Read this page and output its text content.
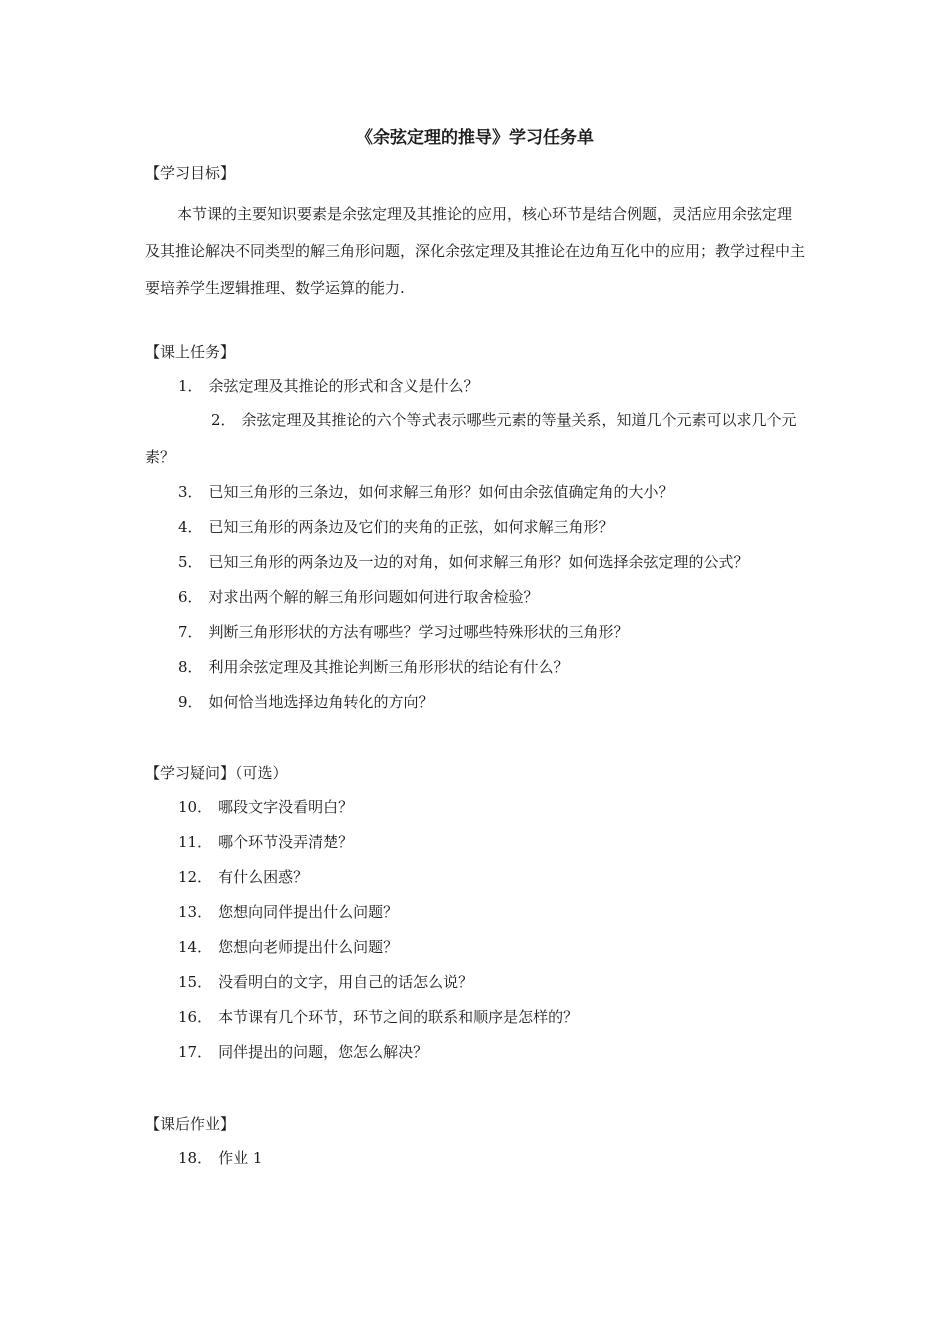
《余弦定理的推导》学习任务单
【学习目标】

本节课的主要知识要素是余弦定理及其推论的应用，核心环节是结合例题，灵活应用余弦定理及其推论解决不同类型的解三角形问题，深化余弦定理及其推论在边角互化中的应用；教学过程中主要培养学生逻辑推理、数学运算的能力.

【课上任务】
1． 余弦定理及其推论的形式和含义是什么？

2． 余弦定理及其推论的六个等式表示哪些元素的等量关系，知道几个元素可以求几个元素？

3． 已知三角形的三条边，如何求解三角形？如何由余弦值确定角的大小？
4． 已知三角形的两条边及它们的夹角的正弦，如何求解三角形？
5． 已知三角形的两条边及一边的对角，如何求解三角形？如何选择余弦定理的公式？
6． 对求出两个解的解三角形问题如何进行取舍检验？
7． 判断三角形形状的方法有哪些？学习过哪些特殊形状的三角形？
8． 利用余弦定理及其推论判断三角形形状的结论有什么？
9． 如何恰当地选择边角转化的方向？
【学习疑问】（可选）
10． 哪段文字没看明白？
11． 哪个环节没弄清楚？
12． 有什么困惑？
13． 您想向同伴提出什么问题？
14． 您想向老师提出什么问题？
15． 没看明白的文字，用自己的话怎么说？
16． 本节课有几个环节，环节之间的联系和顺序是怎样的？
17． 同伴提出的问题，您怎么解决？
【课后作业】
18． 作业 1
